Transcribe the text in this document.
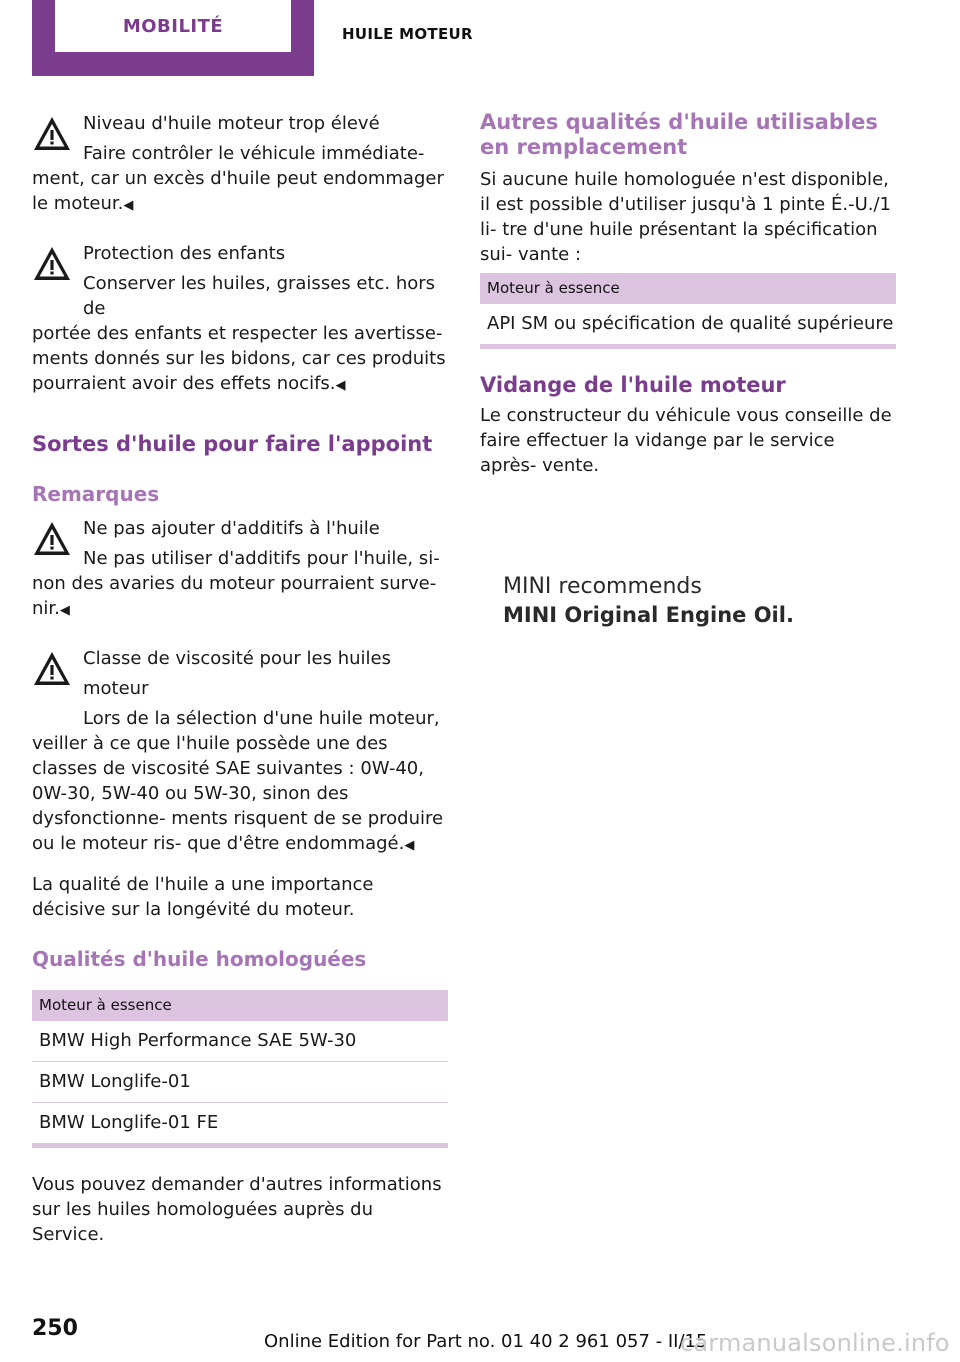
MOBILITÉ	HUILE MOTEUR
Niveau d'huile moteur trop élevé

Faire contrôler le véhicule immédiate-

ment, car un excès d'huile peut endommager le moteur.◀

Protection des enfants

Conserver les huiles, graisses etc. hors de

portée des enfants et respecter les avertisse- ments donnés sur les bidons, car ces produits pourraient avoir des effets nocifs.◀

Sortes d'huile pour faire l'appoint
Remarques
Ne pas ajouter d'additifs à l'huile

Ne pas utiliser d'additifs pour l'huile, si-

non des avaries du moteur pourraient surve- nir.◀

Classe de viscosité pour les huiles moteur

Lors de la sélection d'une huile moteur,

veiller à ce que l'huile possède une des classes de viscosité SAE suivantes : 0W-40, 0W-30, 5W-40 ou 5W-30, sinon des dysfonctionne- ments risquent de se produire ou le moteur ris- que d'être endommagé.◀

La qualité de l'huile a une importance décisive sur la longévité du moteur.

Qualités d'huile homologuées
Moteur à essence
BMW High Performance SAE 5W-30
BMW Longlife-01
BMW Longlife-01 FE

Vous pouvez demander d'autres informations sur les huiles homologuées auprès du Service.

Autres qualités d'huile utilisables en remplacement

Si aucune huile homologuée n'est disponible, il est possible d'utiliser jusqu'à 1 pinte É.-U./1 li- tre d'une huile présentant la spécification sui- vante :

Moteur à essence
API SM ou spécification de qualité supérieure
Vidange de l'huile moteur

Le constructeur du véhicule vous conseille de faire effectuer la vidange par le service après- vente.

MINI recommends
MINI Original Engine Oil.
250
Online Edition for Part no. 01 40 2 961 057 - II/15
carmanualsonline.info
